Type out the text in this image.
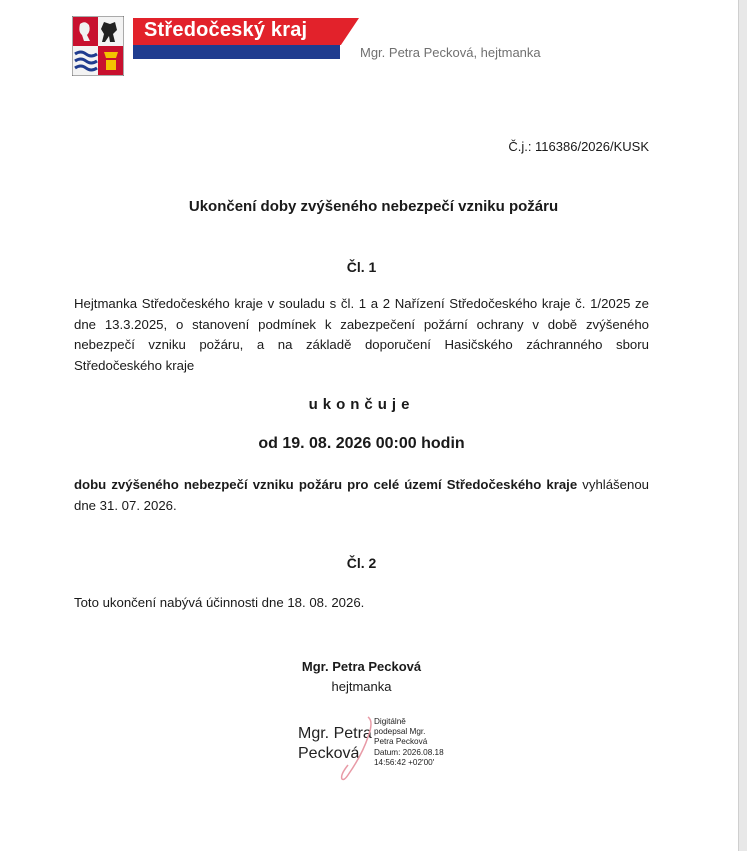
Středočeský kraj
Mgr. Petra Pecková, hejtmanka
Č.j.: 116386/2026/KUSK
Ukončení doby zvýšeného nebezpečí vzniku požáru
Čl. 1
Hejtmanka Středočeského kraje v souladu s čl. 1 a 2 Nařízení Středočeského kraje č. 1/2025 ze dne 13.3.2025, o stanovení podmínek k zabezpečení požární ochrany v době zvýšeného nebezpečí vzniku požáru, a na základě doporučení Hasičského záchranného sboru Středočeského kraje
ukončuje
od 19. 08. 2026 00:00 hodin
dobu zvýšeného nebezpečí vzniku požáru pro celé území Středočeského kraje vyhlášenou dne 31. 07. 2026.
Čl. 2
Toto ukončení nabývá účinnosti dne 18. 08. 2026.
Mgr. Petra Pecková
hejtmanka
Mgr. Petra
Pecková
Digitálně
podepsal Mgr.
Petra Pecková
Datum: 2026.08.18
14:56:42 +02'00'
